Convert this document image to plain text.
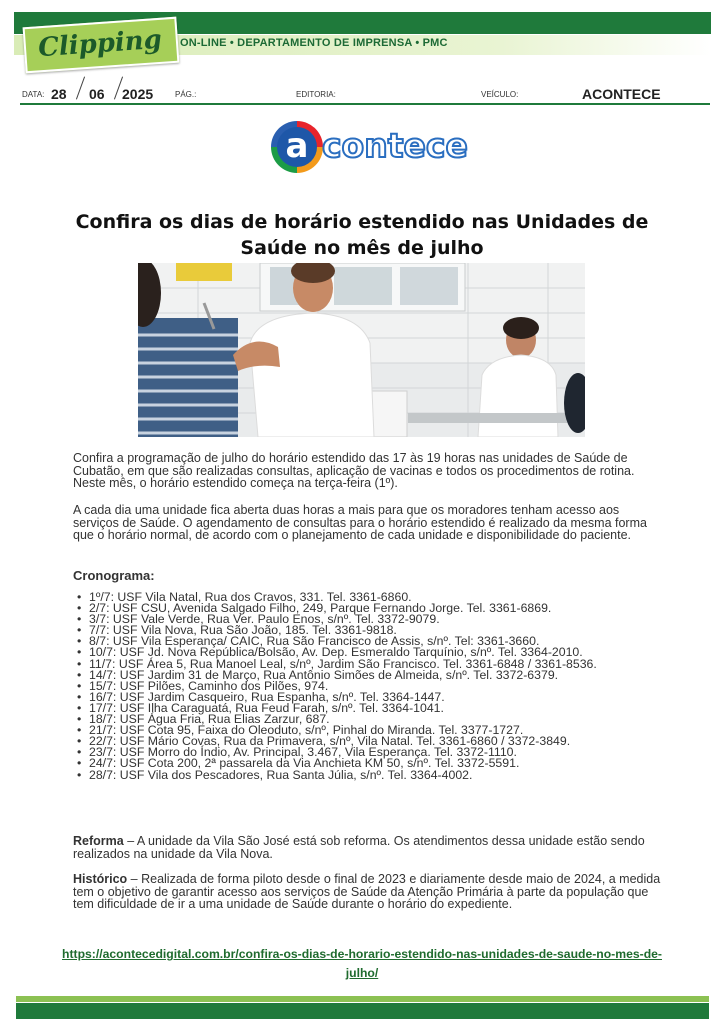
Clipping	ON-LINE • DEPARTAMENTO DE IMPRENSA • PMC
DATA: 28 06 2025	PÁG.:	EDITORIA:	VEÍCULO:	ACONTECE
a contece
Confira os dias de horário estendido nas Unidades de Saúde no mês de julho
Confira a programação de julho do horário estendido das 17 às 19 horas nas unidades de Saúde de Cubatão, em que são realizadas consultas, aplicação de vacinas e todos os procedimentos de rotina. Neste mês, o horário estendido começa na terça-feira (1º).
A cada dia uma unidade fica aberta duas horas a mais para que os moradores tenham acesso aos serviços de Saúde. O agendamento de consultas para o horário estendido é realizado da mesma forma que o horário normal, de acordo com o planejamento de cada unidade e disponibilidade do paciente.
Cronograma:
• 1º/7: USF Vila Natal, Rua dos Cravos, 331. Tel. 3361-6860.
• 2/7: USF CSU, Avenida Salgado Filho, 249, Parque Fernando Jorge. Tel. 3361-6869.
• 3/7: USF Vale Verde, Rua Ver. Paulo Enos, s/nº. Tel. 3372-9079.
• 7/7: USF Vila Nova, Rua São João, 185. Tel. 3361-9818.
• 8/7: USF Vila Esperança/ CAIC, Rua São Francisco de Assis, s/nº. Tel: 3361-3660.
• 10/7: USF Jd. Nova República/Bolsão, Av. Dep. Esmeraldo Tarquínio, s/nº. Tel. 3364-2010.
• 11/7: USF Área 5, Rua Manoel Leal, s/nº, Jardim São Francisco. Tel. 3361-6848 / 3361-8536.
• 14/7: USF Jardim 31 de Março, Rua Antônio Simões de Almeida, s/nº. Tel. 3372-6379.
• 15/7: USF Pilões, Caminho dos Pilões, 974.
• 16/7: USF Jardim Casqueiro, Rua Espanha, s/nº. Tel. 3364-1447.
• 17/7: USF Ilha Caraguatá, Rua Feud Farah, s/nº. Tel. 3364-1041.
• 18/7: USF Água Fria, Rua Elias Zarzur, 687.
• 21/7: USF Cota 95, Faixa do Oleoduto, s/nº, Pinhal do Miranda. Tel. 3377-1727.
• 22/7: USF Mário Covas, Rua da Primavera, s/nº, Vila Natal. Tel. 3361-6860 / 3372-3849.
• 23/7: USF Morro do Índio, Av. Principal, 3.467, Vila Esperança. Tel. 3372-1110.
• 24/7: USF Cota 200, 2ª passarela da Via Anchieta KM 50, s/nº. Tel. 3372-5591.
• 28/7: USF Vila dos Pescadores, Rua Santa Júlia, s/nº. Tel. 3364-4002.
Reforma – A unidade da Vila São José está sob reforma. Os atendimentos dessa unidade estão sendo realizados na unidade da Vila Nova.
Histórico – Realizada de forma piloto desde o final de 2023 e diariamente desde maio de 2024, a medida tem o objetivo de garantir acesso aos serviços de Saúde da Atenção Primária à parte da população que tem dificuldade de ir a uma unidade de Saúde durante o horário do expediente.
https://acontecedigital.com.br/confira-os-dias-de-horario-estendido-nas-unidades-de-saude-no-mes-de-julho/
